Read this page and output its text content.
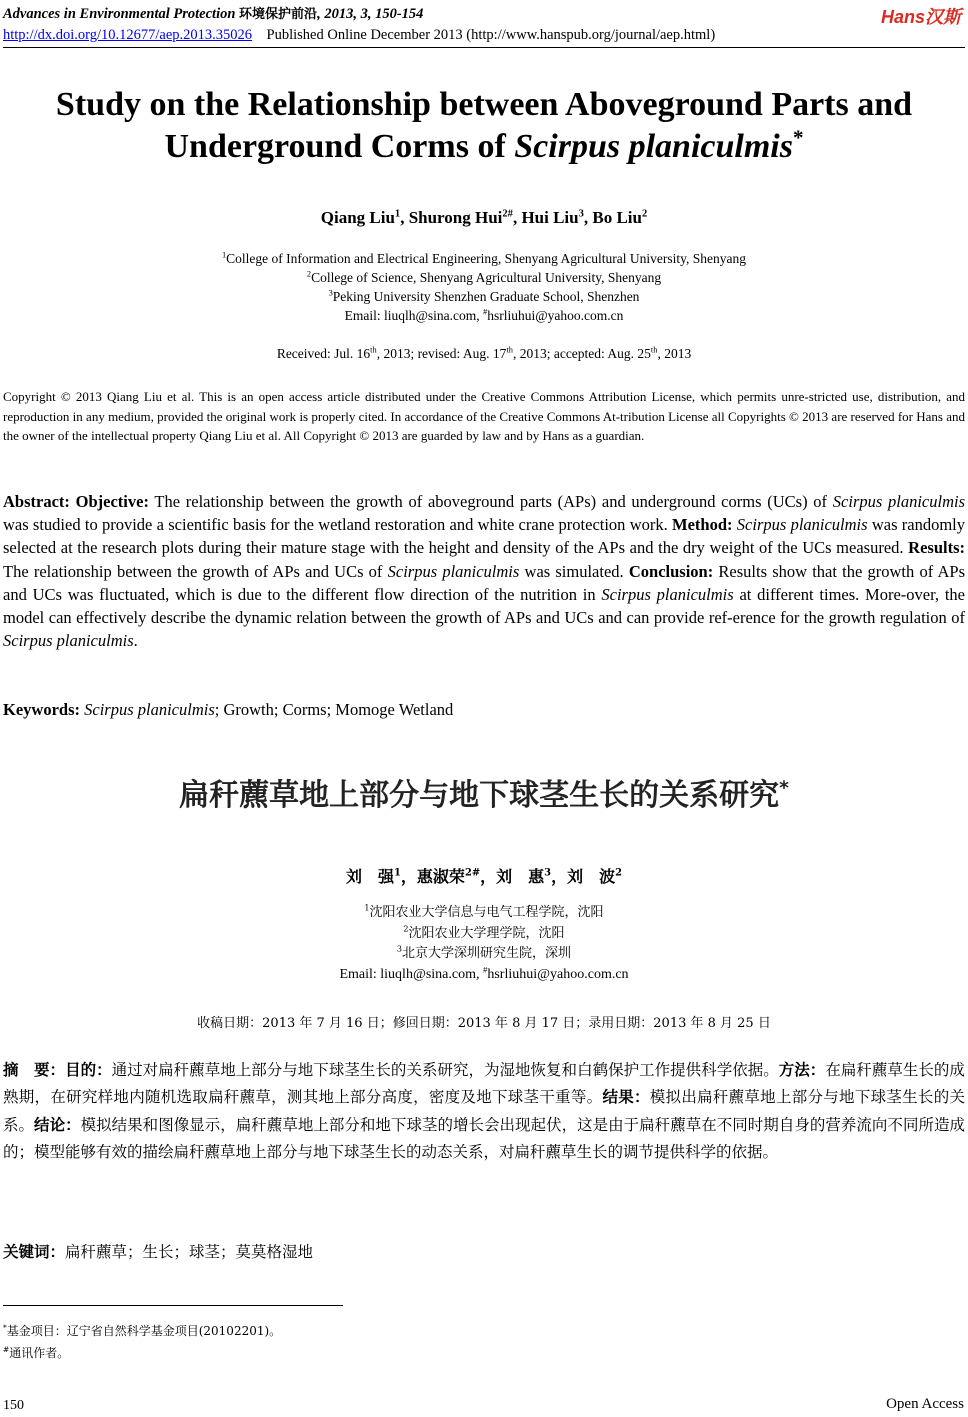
Advances in Environmental Protection 环境保护前沿, 2013, 3, 150-154	Hans汉斯
http://dx.doi.org/10.12677/aep.2013.35026 Published Online December 2013 (http://www.hanspub.org/journal/aep.html)
Study on the Relationship between Aboveground Parts and Underground Corms of Scirpus planiculmis*
Qiang Liu$^1$, Shurong Hui$^{2\#}$, Hui Liu$^3$, Bo Liu$^2$
$^1$College of Information and Electrical Engineering, Shenyang Agricultural University, Shenyang
$^2$College of Science, Shenyang Agricultural University, Shenyang
$^3$Peking University Shenzhen Graduate School, Shenzhen
Email: liuqlh@sina.com, #hsrliuhui@yahoo.com.cn
Received: Jul. 16th, 2013; revised: Aug. 17th, 2013; accepted: Aug. 25th, 2013
Copyright © 2013 Qiang Liu et al. This is an open access article distributed under the Creative Commons Attribution License, which permits unre-stricted use, distribution, and reproduction in any medium, provided the original work is properly cited. In accordance of the Creative Commons At-tribution License all Copyrights © 2013 are reserved for Hans and the owner of the intellectual property Qiang Liu et al. All Copyright © 2013 are guarded by law and by Hans as a guardian.
Abstract: Objective: The relationship between the growth of aboveground parts (APs) and underground corms (UCs) of Scirpus planiculmis was studied to provide a scientific basis for the wetland restoration and white crane protection work. Method: Scirpus planiculmis was randomly selected at the research plots during their mature stage with the height and density of the APs and the dry weight of the UCs measured. Results: The relationship between the growth of APs and UCs of Scirpus planiculmis was simulated. Conclusion: Results show that the growth of APs and UCs was fluctuated, which is due to the different flow direction of the nutrition in Scirpus planiculmis at different times. More-over, the model can effectively describe the dynamic relation between the growth of APs and UCs and can provide ref-erence for the growth regulation of Scirpus planiculmis.
Keywords: Scirpus planiculmis; Growth; Corms; Momoge Wetland
扁秆藨草地上部分与地下球茎生长的关系研究*
刘　强$^1$，惠淑荣$^{2\#}$，刘　惠$^3$，刘　波$^2$
$^1$沈阳农业大学信息与电气工程学院，沈阳
$^2$沈阳农业大学理学院，沈阳
$^3$北京大学深圳研究生院，深圳
Email: liuqlh@sina.com, #hsrliuhui@yahoo.com.cn
收稿日期：2013 年 7 月 16 日；修回日期：2013 年 8 月 17 日；录用日期：2013 年 8 月 25 日
摘　要：目的：通过对扁秆藨草地上部分与地下球茎生长的关系研究，为湿地恢复和白鹤保护工作提供科学依据。方法：在扁秆藨草生长的成熟期，在研究样地内随机选取扁秆藨草，测其地上部分高度，密度及地下球茎干重等。结果：模拟出扁秆藨草地上部分与地下球茎生长的关系。结论：模拟结果和图像显示，扁秆藨草地上部分和地下球茎的增长会出现起伏，这是由于扁秆藨草在不同时期自身的营养流向不同所造成的；模型能够有效的描绘扁秆藨草地上部分与地下球茎生长的动态关系，对扁秆藨草生长的调节提供科学的依据。
关键词：扁秆藨草；生长；球茎；莫莫格湿地
*基金项目：辽宁省自然科学基金项目(20102201)。
#通讯作者。
150	Open Access
